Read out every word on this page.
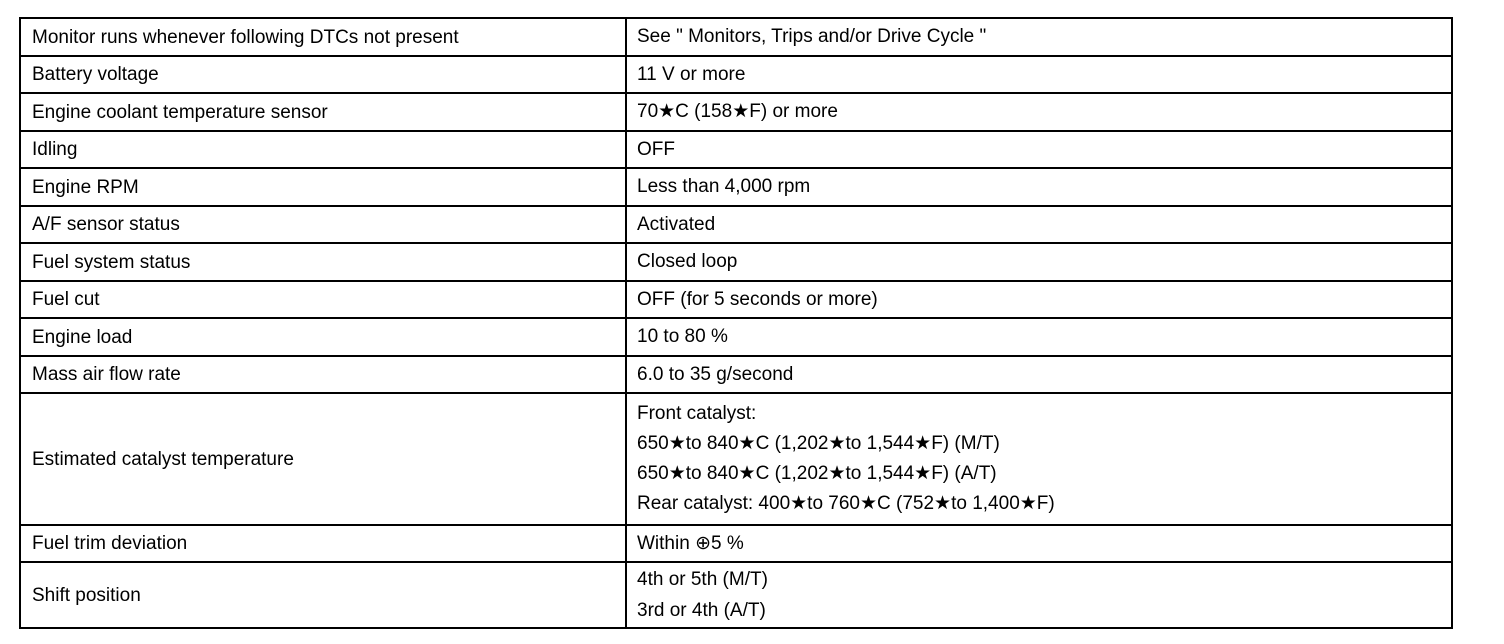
Monitor runs whenever following DTCs not present	See " Monitors, Trips and/or Drive Cycle "

Battery voltage	11 V or more

Engine coolant temperature sensor	70★C (158★F) or more

Idling	OFF

Engine RPM	Less than 4,000 rpm

A/F sensor status	Activated

Fuel system status	Closed loop

Fuel cut	OFF (for 5 seconds or more)

Engine load	10 to 80 %

Mass air flow rate	6.0 to 35 g/second

Estimated catalyst temperature	Front catalyst:
650★to 840★C (1,202★to 1,544★F) (M/T)
650★to 840★C (1,202★to 1,544★F) (A/T)
Rear catalyst: 400★to 760★C (752★to 1,400★F)

Fuel trim deviation	Within ⊕5 %

Shift position	4th or 5th (M/T)
3rd or 4th (A/T)
